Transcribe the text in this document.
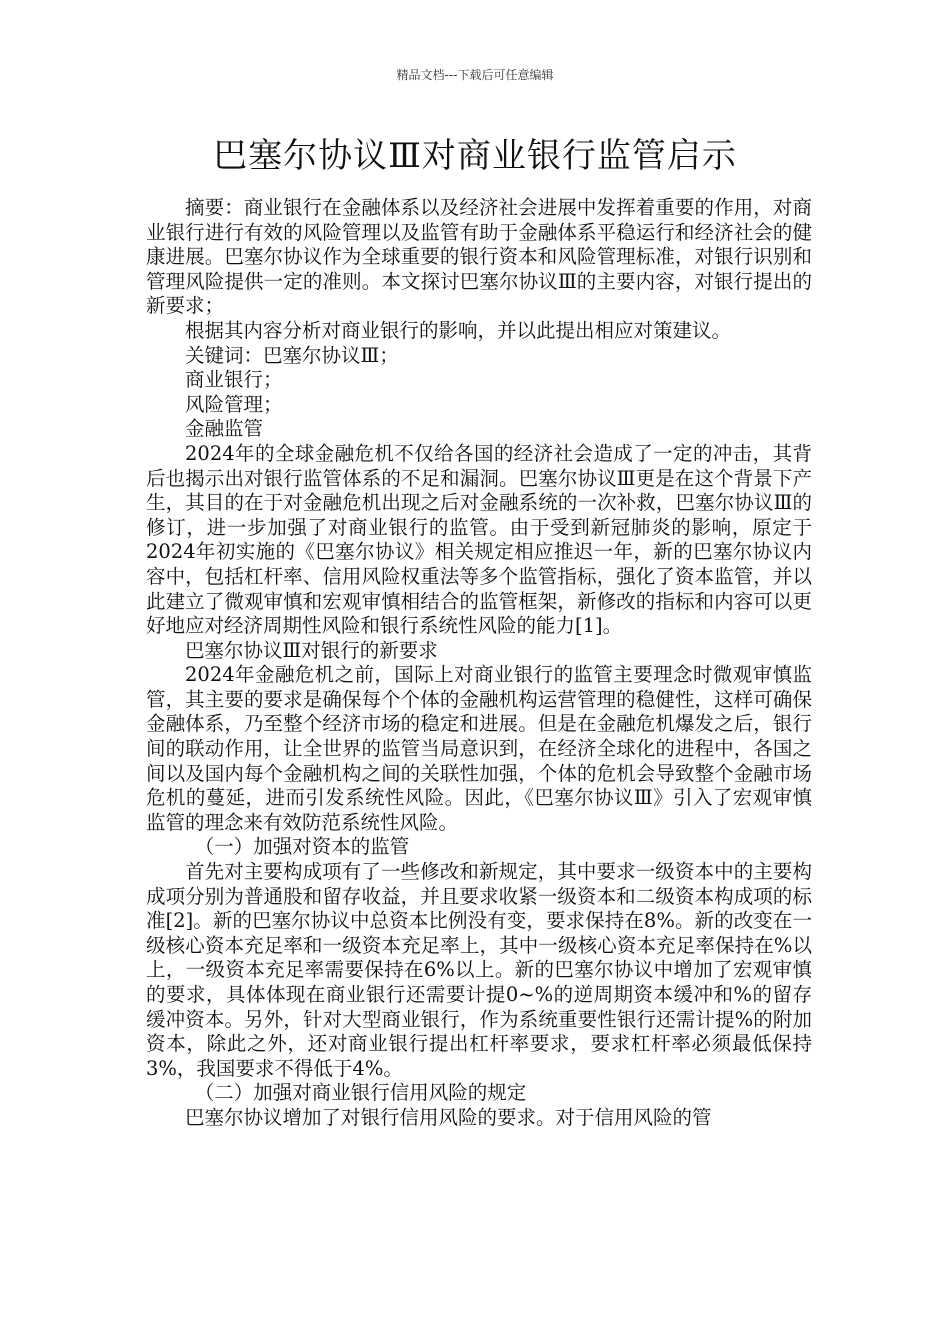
精品文档---下载后可任意编辑
巴塞尔协议Ⅲ对商业银行监管启示

摘要：商业银行在金融体系以及经济社会进展中发挥着重要的作用，对商业银行进行有效的风险管理以及监管有助于金融体系平稳运行和经济社会的健康进展。巴塞尔协议作为全球重要的银行资本和风险管理标准，对银行识别和管理风险提供一定的准则。本文探讨巴塞尔协议Ⅲ的主要内容，对银行提出的新要求；

根据其内容分析对商业银行的影响，并以此提出相应对策建议。

关键词：巴塞尔协议Ⅲ；

商业银行；

风险管理；

金融监管

2024年的全球金融危机不仅给各国的经济社会造成了一定的冲击，其背后也揭示出对银行监管体系的不足和漏洞。巴塞尔协议Ⅲ更是在这个背景下产生，其目的在于对金融危机出现之后对金融系统的一次补救，巴塞尔协议Ⅲ的修订，进一步加强了对商业银行的监管。由于受到新冠肺炎的影响，原定于2024年初实施的《巴塞尔协议》相关规定相应推迟一年，新的巴塞尔协议内容中，包括杠杆率、信用风险权重法等多个监管指标，强化了资本监管，并以此建立了微观审慎和宏观审慎相结合的监管框架，新修改的指标和内容可以更好地应对经济周期性风险和银行系统性风险的能力[1]。

巴塞尔协议Ⅲ对银行的新要求

2024年金融危机之前，国际上对商业银行的监管主要理念时微观审慎监管，其主要的要求是确保每个个体的金融机构运营管理的稳健性，这样可确保金融体系，乃至整个经济市场的稳定和进展。但是在金融危机爆发之后，银行间的联动作用，让全世界的监管当局意识到，在经济全球化的进程中，各国之间以及国内每个金融机构之间的关联性加强，个体的危机会导致整个金融市场危机的蔓延，进而引发系统性风险。因此，《巴塞尔协议Ⅲ》引入了宏观审慎监管的理念来有效防范系统性风险。

（一）加强对资本的监管

首先对主要构成项有了一些修改和新规定，其中要求一级资本中的主要构成项分别为普通股和留存收益，并且要求收紧一级资本和二级资本构成项的标准[2]。新的巴塞尔协议中总资本比例没有变，要求保持在8%。新的改变在一级核心资本充足率和一级资本充足率上，其中一级核心资本充足率保持在%以上，一级资本充足率需要保持在6%以上。新的巴塞尔协议中增加了宏观审慎的要求，具体体现在商业银行还需要计提0~%的逆周期资本缓冲和%的留存缓冲资本。另外，针对大型商业银行，作为系统重要性银行还需计提%的附加资本，除此之外，还对商业银行提出杠杆率要求，要求杠杆率必须最低保持3%，我国要求不得低于4%。

（二）加强对商业银行信用风险的规定

巴塞尔协议增加了对银行信用风险的要求。对于信用风险的管
